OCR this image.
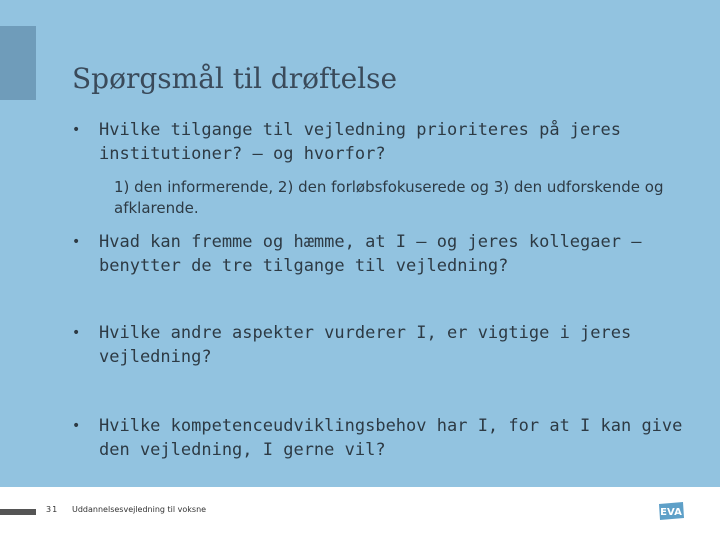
Spørgsmål til drøftelse
• Hvilke tilgange til vejledning prioriteres på jeres institutioner? – og hvorfor?
1) den informerende, 2) den forløbsfokuserede og 3) den udforskende og afklarende.
• Hvad kan fremme og hæmme, at I – og jeres kollegaer – benytter de tre tilgange til vejledning?
• Hvilke andre aspekter vurderer I, er vigtige i jeres vejledning?
• Hvilke kompetenceudviklingsbehov har I, for at I kan give den vejledning, I gerne vil?
31 Uddannelsesvejledning til voksne	EVA
